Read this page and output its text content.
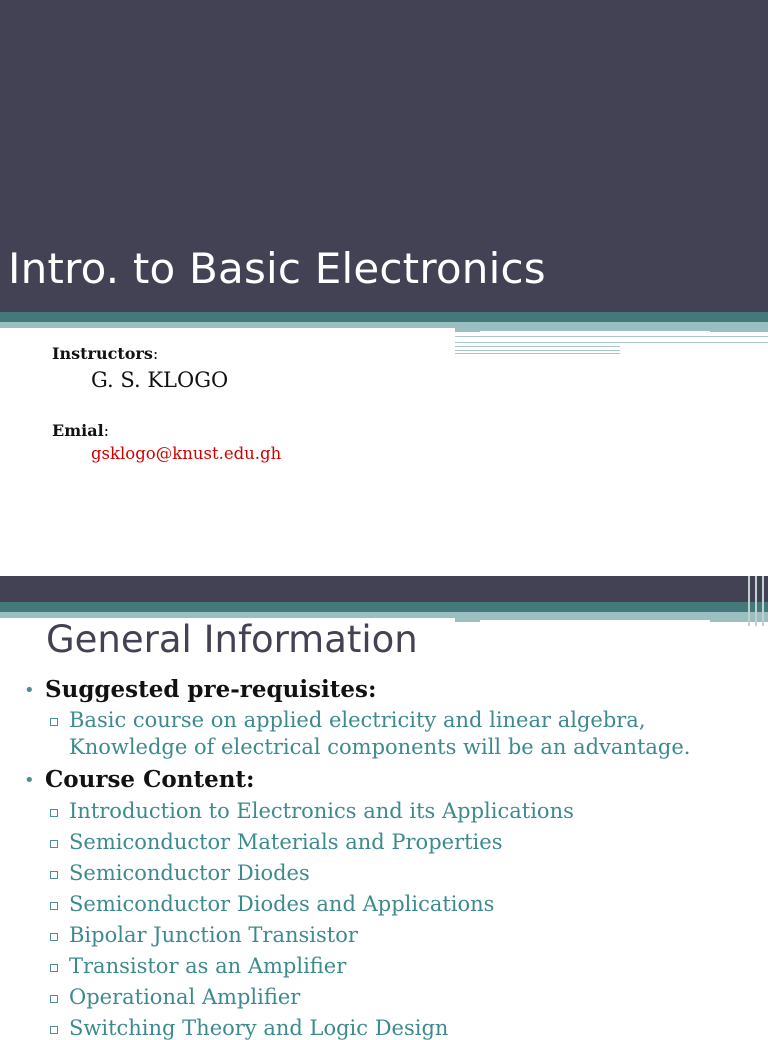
Intro. to Basic Electronics
Instructors:
G. S. KLOGO
Emial:
gsklogo@knust.edu.gh
General Information
• Suggested pre-requisites:
Basic course on applied electricity and linear algebra,
Knowledge of electrical components will be an advantage.
• Course Content:
Introduction to Electronics and its Applications
Semiconductor Materials and Properties
Semiconductor Diodes
Semiconductor Diodes and Applications
Bipolar Junction Transistor
Transistor as an Amplifier
Operational Amplifier
Switching Theory and Logic Design
